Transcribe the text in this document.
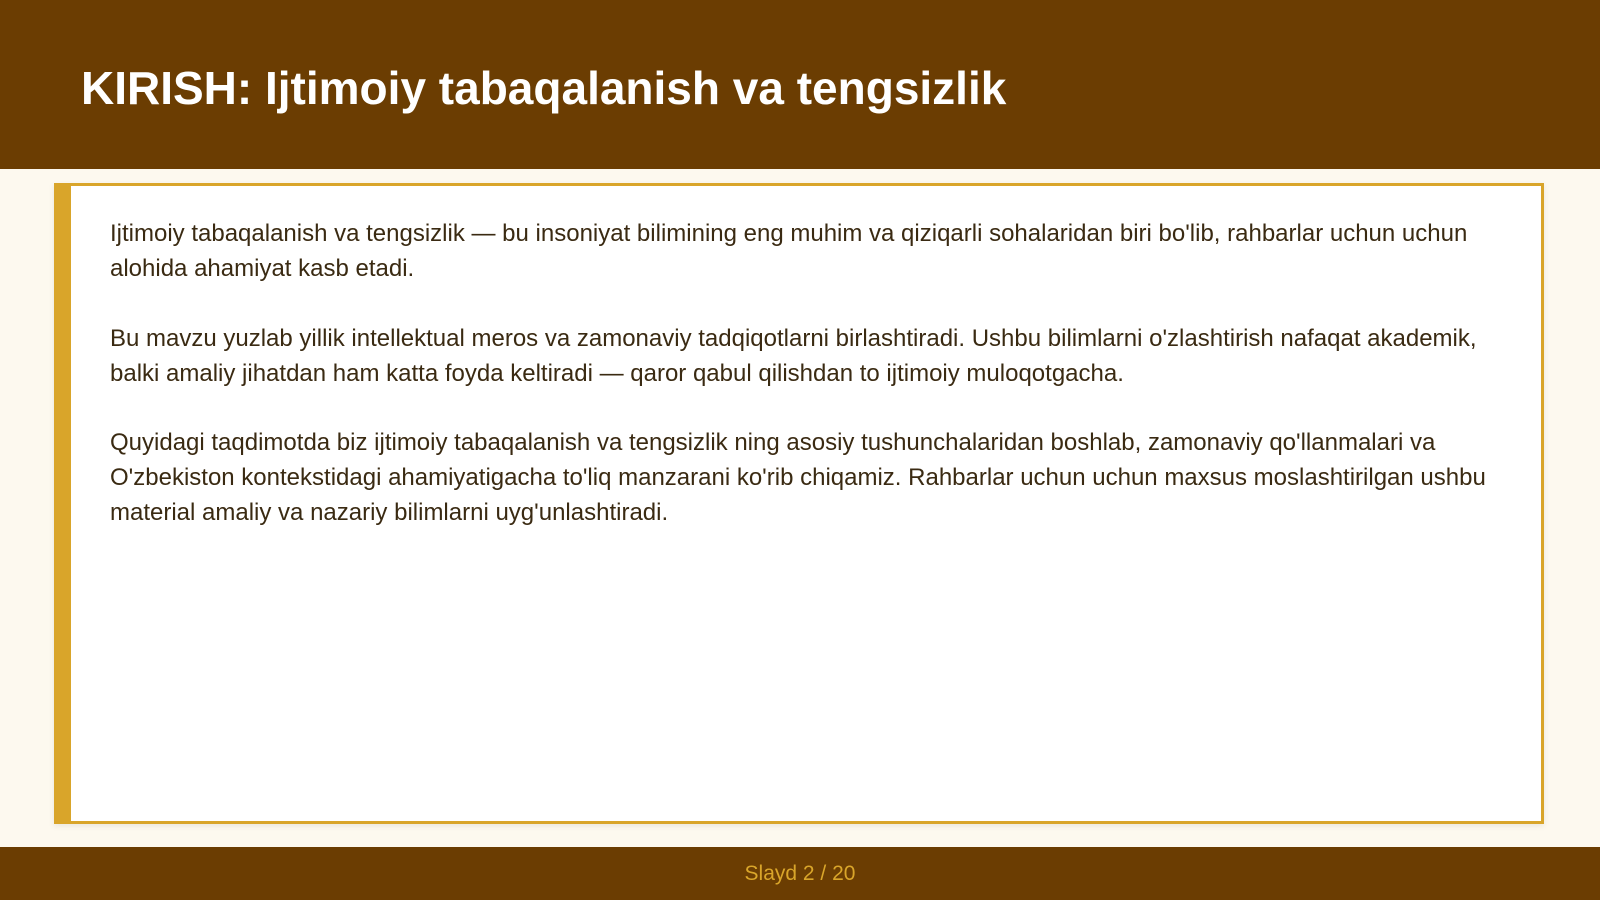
KIRISH: Ijtimoiy tabaqalanish va tengsizlik

Ijtimoiy tabaqalanish va tengsizlik — bu insoniyat bilimining eng muhim va qiziqarli sohalaridan biri bo'lib, rahbarlar uchun uchun alohida ahamiyat kasb etadi.

Bu mavzu yuzlab yillik intellektual meros va zamonaviy tadqiqotlarni birlashtiradi. Ushbu bilimlarni o'zlashtirish nafaqat akademik, balki amaliy jihatdan ham katta foyda keltiradi — qaror qabul qilishdan to ijtimoiy muloqotgacha.

Quyidagi taqdimotda biz ijtimoiy tabaqalanish va tengsizlik ning asosiy tushunchalaridan boshlab, zamonaviy qo'llanmalari va O'zbekiston kontekstidagi ahamiyatigacha to'liq manzarani ko'rib chiqamiz. Rahbarlar uchun uchun maxsus moslashtirilgan ushbu material amaliy va nazariy bilimlarni uyg'unlashtiradi.

Slayd 2 / 20
